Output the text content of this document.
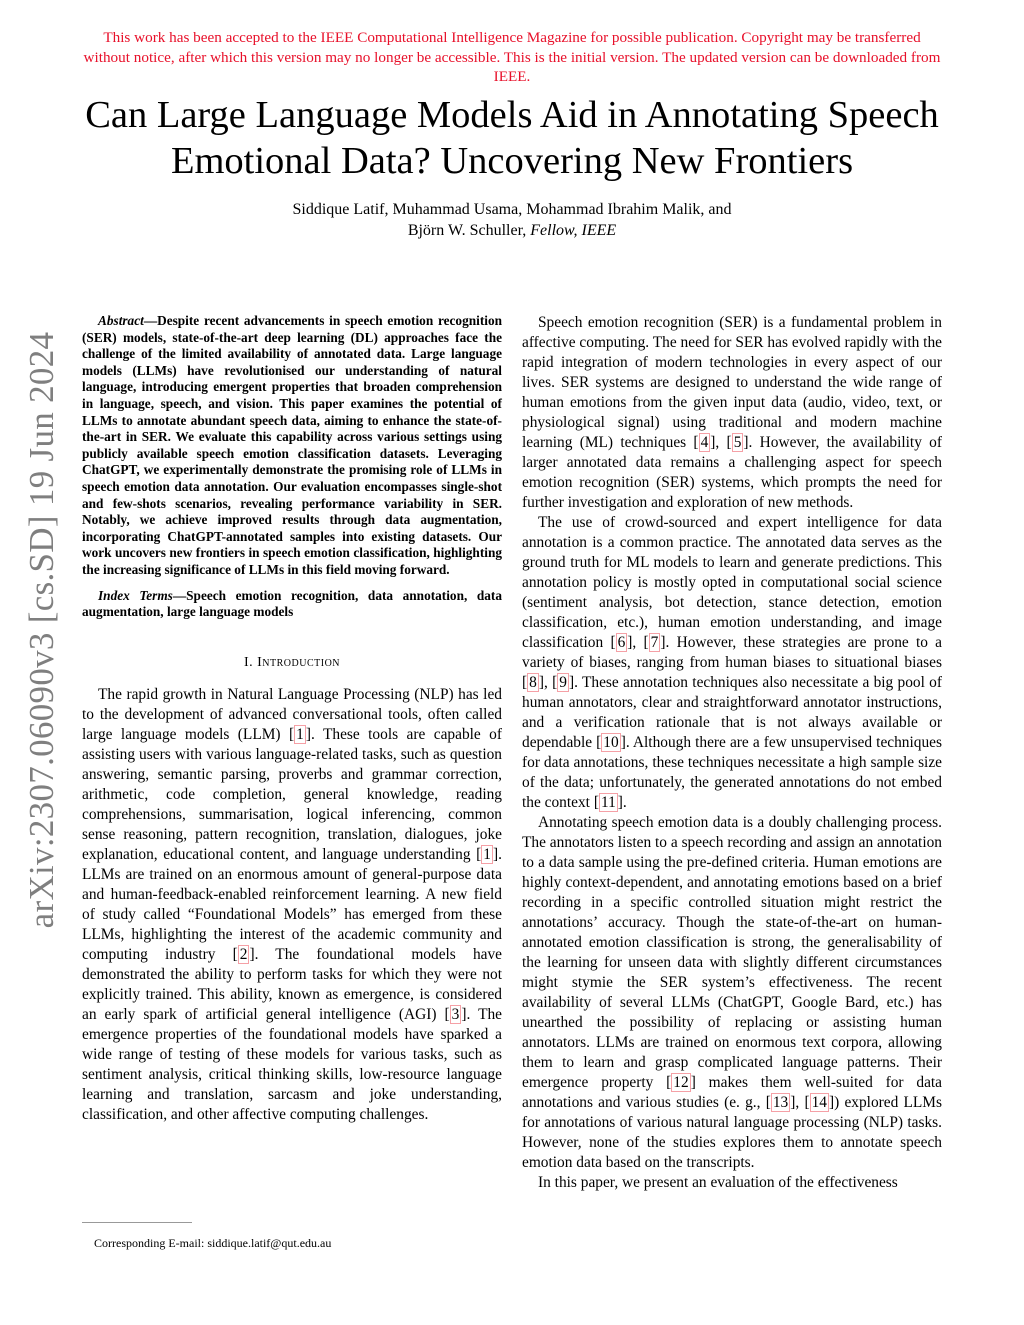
This work has been accepted to the IEEE Computational Intelligence Magazine for possible publication. Copyright may be transferred without notice, after which this version may no longer be accessible. This is the initial version. The updated version can be downloaded from IEEE.
Can Large Language Models Aid in Annotating Speech Emotional Data? Uncovering New Frontiers
Siddique Latif, Muhammad Usama, Mohammad Ibrahim Malik, and
Björn W. Schuller, Fellow, IEEE
arXiv:2307.06090v3 [cs.SD] 19 Jun 2024

Abstract—Despite recent advancements in speech emotion recognition (SER) models, state-of-the-art deep learning (DL) approaches face the challenge of the limited availability of annotated data. Large language models (LLMs) have revolutionised our understanding of natural language, introducing emergent properties that broaden comprehension in language, speech, and vision. This paper examines the potential of LLMs to annotate abundant speech data, aiming to enhance the state-of-the-art in SER. We evaluate this capability across various settings using publicly available speech emotion classification datasets. Leveraging ChatGPT, we experimentally demonstrate the promising role of LLMs in speech emotion data annotation. Our evaluation encompasses single-shot and few-shots scenarios, revealing performance variability in SER. Notably, we achieve improved results through data augmentation, incorporating ChatGPT-annotated samples into existing datasets. Our work uncovers new frontiers in speech emotion classification, highlighting the increasing significance of LLMs in this field moving forward.

Index Terms—Speech emotion recognition, data annotation, data augmentation, large language models

I. Introduction

The rapid growth in Natural Language Processing (NLP) has led to the development of advanced conversational tools, often called large language models (LLM) [ 1 ]. These tools are capable of assisting users with various language-related tasks, such as question answering, semantic parsing, proverbs and grammar correction, arithmetic, code completion, general knowledge, reading comprehensions, summarisation, logical inferencing, common sense reasoning, pattern recognition, translation, dialogues, joke explanation, educational content, and language understanding [ 1 ]. LLMs are trained on an enormous amount of general-purpose data and human-feedback-enabled reinforcement learning. A new field of study called “Foundational Models” has emerged from these LLMs, highlighting the interest of the academic community and computing industry [ 2 ]. The foundational models have demonstrated the ability to perform tasks for which they were not explicitly trained. This ability, known as emergence, is considered an early spark of artificial general intelligence (AGI) [ 3 ]. The emergence properties of the foundational models have sparked a wide range of testing of these models for various tasks, such as sentiment analysis, critical thinking skills, low-resource language learning and translation, sarcasm and joke understanding, classification, and other affective computing challenges.

Corresponding E-mail: siddique.latif@qut.edu.au

Speech emotion recognition (SER) is a fundamental problem in affective computing. The need for SER has evolved rapidly with the rapid integration of modern technologies in every aspect of our lives. SER systems are designed to understand the wide range of human emotions from the given input data (audio, video, text, or physiological signal) using traditional and modern machine learning (ML) techniques [ 4 ], [ 5 ]. However, the availability of larger annotated data remains a challenging aspect for speech emotion recognition (SER) systems, which prompts the need for further investigation and exploration of new methods.

The use of crowd-sourced and expert intelligence for data annotation is a common practice. The annotated data serves as the ground truth for ML models to learn and generate predictions. This annotation policy is mostly opted in computational social science (sentiment analysis, bot detection, stance detection, emotion classification, etc.), human emotion understanding, and image classification [ 6 ], [ 7 ]. However, these strategies are prone to a variety of biases, ranging from human biases to situational biases [ 8 ], [ 9 ]. These annotation techniques also necessitate a big pool of human annotators, clear and straightforward annotator instructions, and a verification rationale that is not always available or dependable [ 10 ]. Although there are a few unsupervised techniques for data annotations, these techniques necessitate a high sample size of the data; unfortunately, the generated annotations do not embed the context [ 11 ].

Annotating speech emotion data is a doubly challenging process. The annotators listen to a speech recording and assign an annotation to a data sample using the pre-defined criteria. Human emotions are highly context-dependent, and annotating emotions based on a brief recording in a specific controlled situation might restrict the annotations’ accuracy. Though the state-of-the-art on human-annotated emotion classification is strong, the generalisability of the learning for unseen data with slightly different circumstances might stymie the SER system’s effectiveness. The recent availability of several LLMs (ChatGPT, Google Bard, etc.) has unearthed the possibility of replacing or assisting human annotators. LLMs are trained on enormous text corpora, allowing them to learn and grasp complicated language patterns. Their emergence property [ 12 ] makes them well-suited for data annotations and various studies (e. g., [ 13 ], [ 14 ]) explored LLMs for annotations of various natural language processing (NLP) tasks. However, none of the studies explores them to annotate speech emotion data based on the transcripts.

In this paper, we present an evaluation of the effectiveness
